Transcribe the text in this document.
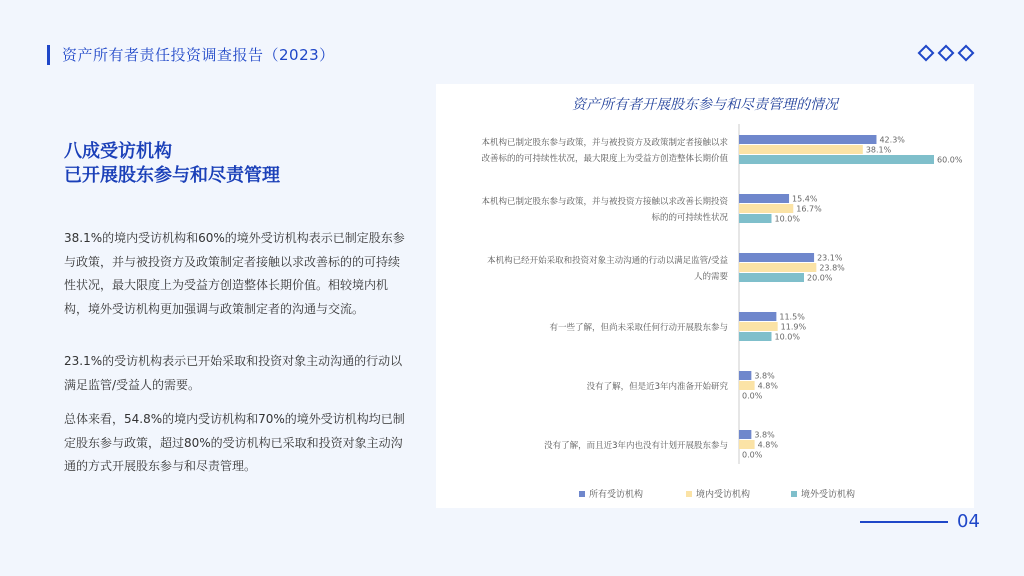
资产所有者责任投资调查报告（2023）
八成受访机构
已开展股东参与和尽责管理

38.1%的境内受访机构和60%的境外受访机构表示已制定股东参与政策，并与被投资方及政策制定者接触以求改善标的的可持续性状况，最大限度上为受益方创造整体长期价值。相较境内机构，境外受访机构更加强调与政策制定者的沟通与交流。

23.1%的受访机构表示已开始采取和投资对象主动沟通的行动以满足监管/受益人的需要。

总体来看，54.8%的境内受访机构和70%的境外受访机构均已制定股东参与政策，超过80%的受访机构已采取和投资对象主动沟通的方式开展股东参与和尽责管理。

资产所有者开展股东参与和尽责管理的情况
本机构已制定股东参与政策，并与被投资方及政策制定者接触以求
改善标的的可持续性状况，最大限度上为受益方创造整体长期价值
42.3%
38.1%
60.0%
本机构已制定股东参与政策，并与被投资方接触以求改善长期投资
标的的可持续性状况
15.4%
16.7%
10.0%
本机构已经开始采取和投资对象主动沟通的行动以满足监管/受益
人的需要
23.1%
23.8%
20.0%
有一些了解，但尚未采取任何行动开展股东参与
11.5%
11.9%
10.0%
没有了解，但是近3年内准备开始研究
3.8%
4.8%
0.0%
没有了解，而且近3年内也没有计划开展股东参与
3.8%
4.8%
0.0%
所有受访机构	境内受访机构	境外受访机构
04
